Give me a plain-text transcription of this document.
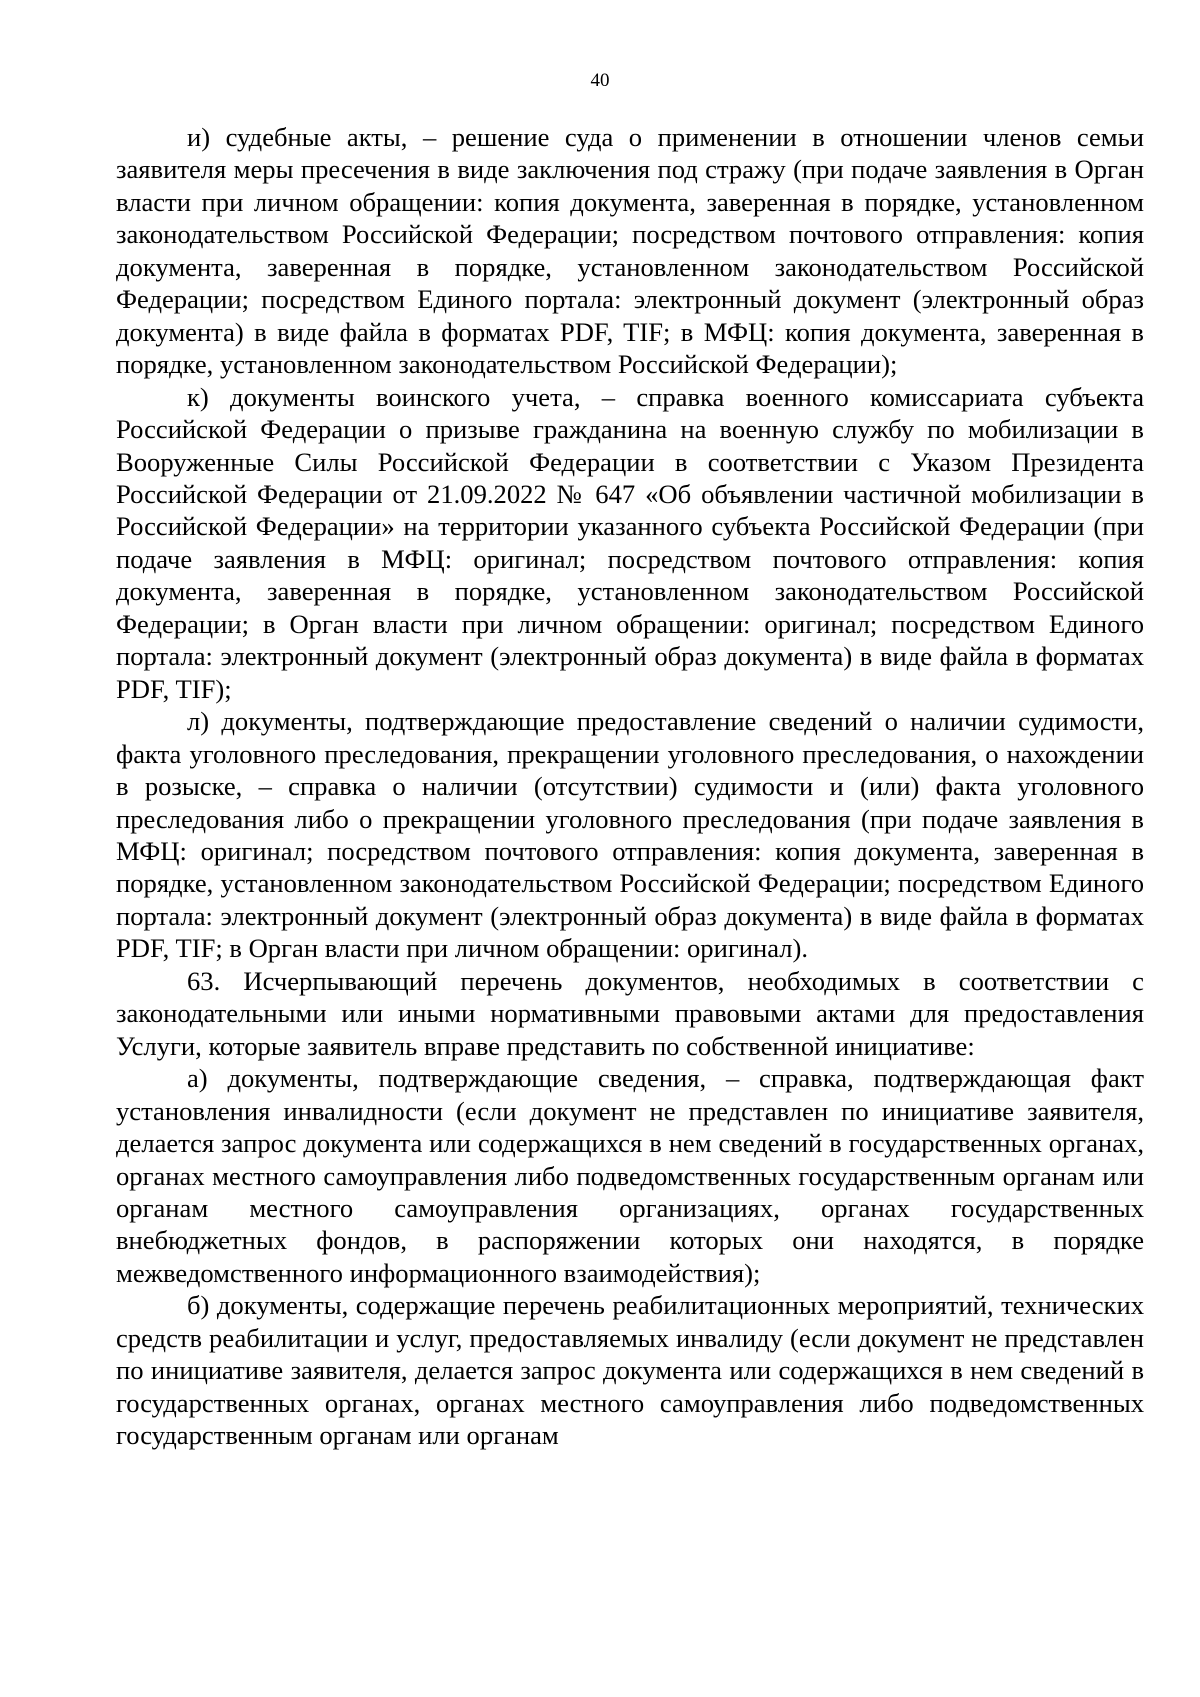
40

и) судебные акты, – решение суда о применении в отношении членов семьи заявителя меры пресечения в виде заключения под стражу (при подаче заявления в Орган власти при личном обращении: копия документа, заверенная в порядке, установленном законодательством Российской Федерации; посредством почтового отправления: копия документа, заверенная в порядке, установленном законодательством Российской Федерации; посредством Единого портала: электронный документ (электронный образ документа) в виде файла в форматах PDF, TIF; в МФЦ: копия документа, заверенная в порядке, установленном законодательством Российской Федерации);

к) документы воинского учета, – справка военного комиссариата субъекта Российской Федерации о призыве гражданина на военную службу по мобилизации в Вооруженные Силы Российской Федерации в соответствии с Указом Президента Российской Федерации от 21.09.2022 № 647 «Об объявлении частичной мобилизации в Российской Федерации» на территории указанного субъекта Российской Федерации (при подаче заявления в МФЦ: оригинал; посредством почтового отправления: копия документа, заверенная в порядке, установленном законодательством Российской Федерации; в Орган власти при личном обращении: оригинал; посредством Единого портала: электронный документ (электронный образ документа) в виде файла в форматах PDF, TIF);

л) документы, подтверждающие предоставление сведений о наличии судимости, факта уголовного преследования, прекращении уголовного преследования, о нахождении в розыске, – справка о наличии (отсутствии) судимости и (или) факта уголовного преследования либо о прекращении уголовного преследования (при подаче заявления в МФЦ: оригинал; посредством почтового отправления: копия документа, заверенная в порядке, установленном законодательством Российской Федерации; посредством Единого портала: электронный документ (электронный образ документа) в виде файла в форматах PDF, TIF; в Орган власти при личном обращении: оригинал).

63. Исчерпывающий перечень документов, необходимых в соответствии с законодательными или иными нормативными правовыми актами для предоставления Услуги, которые заявитель вправе представить по собственной инициативе:

а) документы, подтверждающие сведения, – справка, подтверждающая факт установления инвалидности (если документ не представлен по инициативе заявителя, делается запрос документа или содержащихся в нем сведений в государственных органах, органах местного самоуправления либо подведомственных государственным органам или органам местного самоуправления организациях, органах государственных внебюджетных фондов, в распоряжении которых они находятся, в порядке межведомственного информационного взаимодействия);

б) документы, содержащие перечень реабилитационных мероприятий, технических средств реабилитации и услуг, предоставляемых инвалиду (если документ не представлен по инициативе заявителя, делается запрос документа или содержащихся в нем сведений в государственных органах, органах местного самоуправления либо подведомственных государственным органам или органам
